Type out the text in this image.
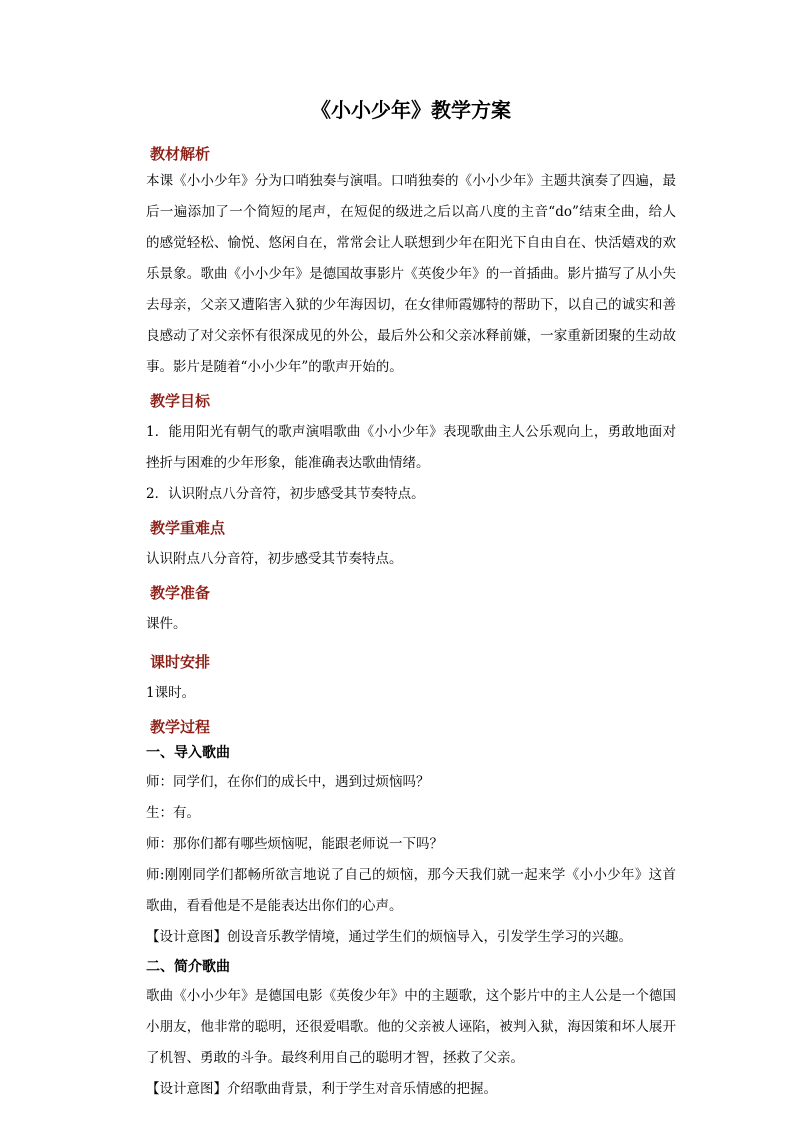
《小小少年》教学方案
教材解析
本课《小小少年》分为口哨独奏与演唱。口哨独奏的《小小少年》主题共演奏了四遍，最后一遍添加了一个简短的尾声，在短促的级进之后以高八度的主音“do”结束全曲，给人的感觉轻松、愉悦、悠闲自在，常常会让人联想到少年在阳光下自由自在、快活嬉戏的欢乐景象。歌曲《小小少年》是德国故事影片《英俊少年》的一首插曲。影片描写了从小失去母亲，父亲又遭陷害入狱的少年海因切，在女律师霞娜特的帮助下，以自己的诚实和善良感动了对父亲怀有很深成见的外公，最后外公和父亲冰释前嫌，一家重新团聚的生动故事。影片是随着“小小少年”的歌声开始的。
教学目标
1．能用阳光有朝气的歌声演唱歌曲《小小少年》表现歌曲主人公乐观向上，勇敢地面对挫折与困难的少年形象，能准确表达歌曲情绪。
2．认识附点八分音符，初步感受其节奏特点。
教学重难点
认识附点八分音符，初步感受其节奏特点。
教学准备
课件。
课时安排
1课时。
教学过程
一、导入歌曲
师：同学们，在你们的成长中，遇到过烦恼吗？
生：有。
师：那你们都有哪些烦恼呢，能跟老师说一下吗？
师:刚刚同学们都畅所欲言地说了自己的烦恼，那今天我们就一起来学《小小少年》这首歌曲，看看他是不是能表达出你们的心声。
【设计意图】创设音乐教学情境，通过学生们的烦恼导入，引发学生学习的兴趣。
二、简介歌曲
歌曲《小小少年》是德国电影《英俊少年》中的主题歌，这个影片中的主人公是一个德国小朋友，他非常的聪明，还很爱唱歌。他的父亲被人诬陷，被判入狱，海因策和坏人展开了机智、勇敢的斗争。最终利用自己的聪明才智，拯救了父亲。
【设计意图】介绍歌曲背景，利于学生对音乐情感的把握。
